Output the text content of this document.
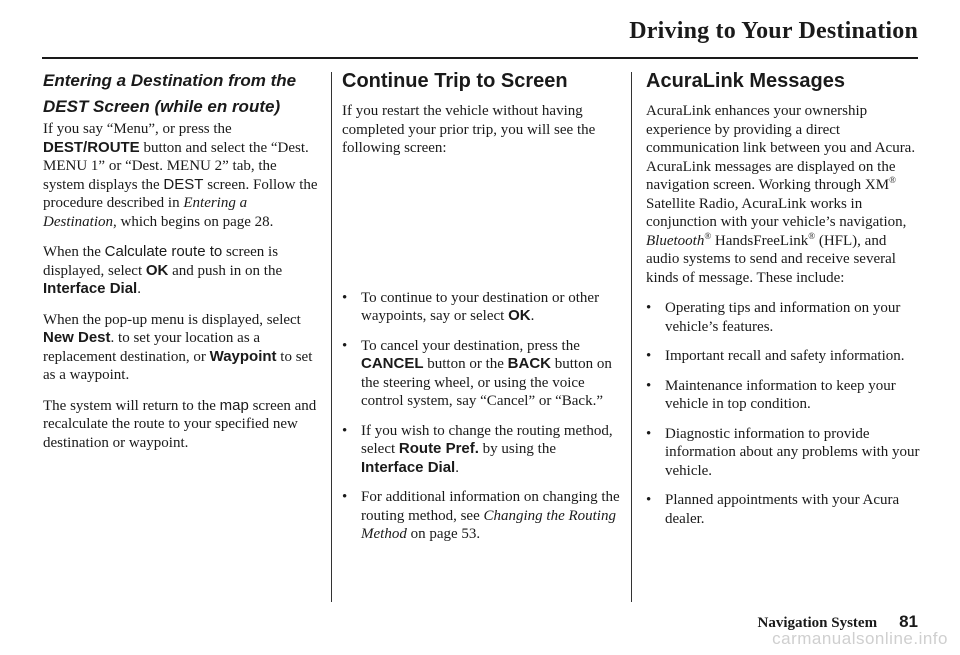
Driving to Your Destination
Entering a Destination from the
DEST Screen (while en route)

If you say “Menu”, or press the DEST/ROUTE button and select the “Dest. MENU 1” or “Dest. MENU 2” tab, the system displays the DEST screen. Follow the procedure described in Entering a Destination, which begins on page 28.

When the Calculate route to screen is displayed, select OK and push in on the Interface Dial.

When the pop-up menu is displayed, select New Dest. to set your location as a replacement destination, or Waypoint to set as a waypoint.

The system will return to the map screen and recalculate the route to your specified new destination or waypoint.

Continue Trip to Screen

If you restart the vehicle without having completed your prior trip, you will see the following screen:

• To continue to your destination or other waypoints, say or select OK.
• To cancel your destination, press the CANCEL button or the BACK button on the steering wheel, or using the voice control system, say “Cancel” or “Back.”
• If you wish to change the routing method, select Route Pref. by using the Interface Dial.
• For additional information on changing the routing method, see Changing the Routing Method on page 53.
AcuraLink Messages

AcuraLink enhances your ownership experience by providing a direct communication link between you and Acura. AcuraLink messages are displayed on the navigation screen. Working through XM® Satellite Radio, AcuraLink works in conjunction with your vehicle’s navigation, Bluetooth® HandsFreeLink® (HFL), and audio systems to send and receive several kinds of message. These include:

• Operating tips and information on your vehicle’s features.
• Important recall and safety information.
• Maintenance information to keep your vehicle in top condition.
• Diagnostic information to provide information about any problems with your vehicle.
• Planned appointments with your Acura dealer.
Navigation System 81
carmanualsonline.info
